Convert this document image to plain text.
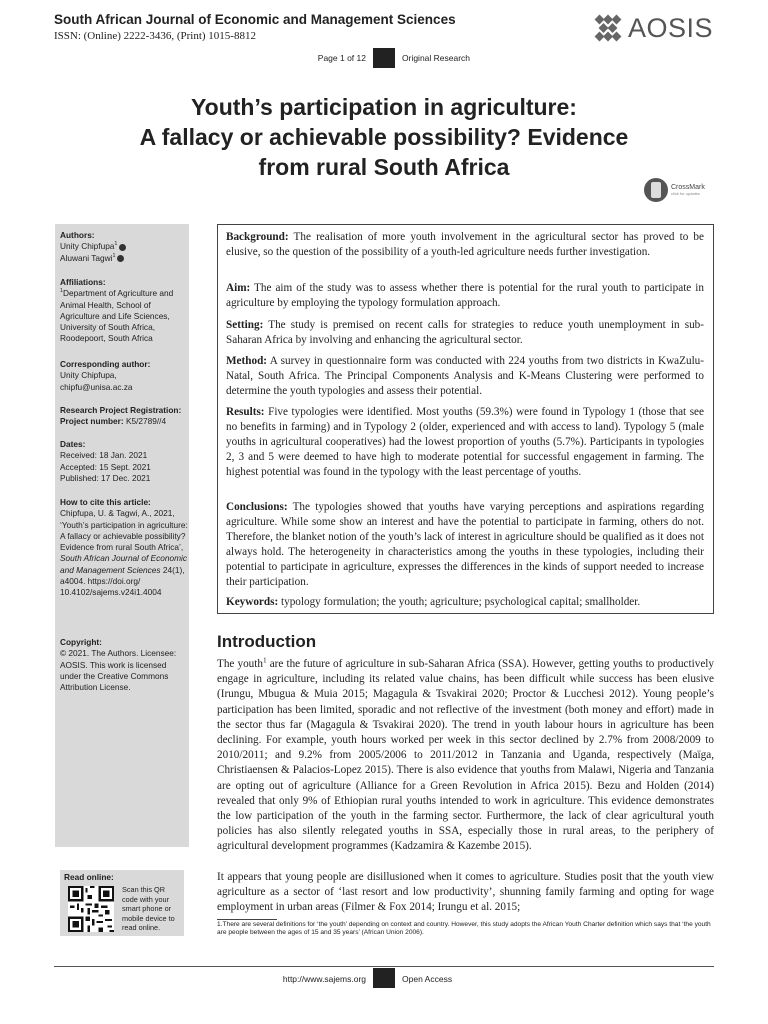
South African Journal of Economic and Management Sciences
ISSN: (Online) 2222-3436, (Print) 1015-8812	AOSIS
Page 1 of 12	Original Research
Youth’s participation in agriculture:
A fallacy or achievable possibility? Evidence
from rural South Africa
CrossMark
click for updates
Authors:
Unity Chipfupa$^1$
Aluwani Tagwi$^1$
Affiliations:
$^1$Department of Agriculture and Animal Health, School of Agriculture and Life Sciences, University of South Africa, Roodepoort, South Africa
Corresponding author:
Unity Chipfupa,
chipfu@unisa.ac.za
Research Project Registration:
Project number: K5/2789//4
Dates:
Received: 18 Jan. 2021
Accepted: 15 Sept. 2021
Published: 17 Dec. 2021
How to cite this article:
Chipfupa, U. & Tagwi, A., 2021, ‘Youth’s participation in agriculture: A fallacy or achievable possibility? Evidence from rural South Africa’, South African Journal of Economic and Management Sciences 24(1), a4004. https://doi.org/ 10.4102/sajems.v24i1.4004
Copyright:
© 2021. The Authors. Licensee: AOSIS. This work is licensed under the Creative Commons Attribution License.
Read online:
Scan this QR code with your smart phone or mobile device to read online.
Background: The realisation of more youth involvement in the agricultural sector has proved to be elusive, so the question of the possibility of a youth-led agriculture needs further investigation.
Aim: The aim of the study was to assess whether there is potential for the rural youth to participate in agriculture by employing the typology formulation approach.
Setting: The study is premised on recent calls for strategies to reduce youth unemployment in sub-Saharan Africa by involving and enhancing the agricultural sector.
Method: A survey in questionnaire form was conducted with 224 youths from two districts in KwaZulu-Natal, South Africa. The Principal Components Analysis and K-Means Clustering were performed to determine the youth typologies and assess their potential.
Results: Five typologies were identified. Most youths (59.3%) were found in Typology 1 (those that see no benefits in farming) and in Typology 2 (older, experienced and with access to land). Typology 5 (male youths in agricultural cooperatives) had the lowest proportion of youths (5.7%). Participants in typologies 2, 3 and 5 were deemed to have high to moderate potential for successful engagement in farming. The highest potential was found in the typology with the least percentage of youths.
Conclusions: The typologies showed that youths have varying perceptions and aspirations regarding agriculture. While some show an interest and have the potential to participate in farming, others do not. Therefore, the blanket notion of the youth’s lack of interest in agriculture should be qualified as it does not always hold. The heterogeneity in characteristics among the youths in these typologies, including their potential to participate in agriculture, expresses the differences in the kinds of support needed to increase their participation.
Keywords: typology formulation; the youth; agriculture; psychological capital; smallholder.
Introduction
The youth$^1$ are the future of agriculture in sub-Saharan Africa (SSA). However, getting youths to productively engage in agriculture, including its related value chains, has been difficult while success has been elusive (Irungu, Mbugua & Muia 2015; Magagula & Tsvakirai 2020; Proctor & Lucchesi 2012). Young people’s participation has been limited, sporadic and not reflective of the investment (both money and effort) made in the sector thus far (Magagula & Tsvakirai 2020). The trend in youth labour hours in agriculture has been declining. For example, youth hours worked per week in this sector declined by 2.7% from 2008/2009 to 2010/2011; and 9.2% from 2005/2006 to 2011/2012 in Tanzania and Uganda, respectively (Maïga, Christiaensen & Palacios-Lopez 2015). There is also evidence that youths from Malawi, Nigeria and Tanzania are opting out of agriculture (Alliance for a Green Revolution in Africa 2015). Bezu and Holden (2014) revealed that only 9% of Ethiopian rural youths intended to work in agriculture. This evidence demonstrates the low participation of the youth in the farming sector. Furthermore, the lack of clear agricultural youth policies has also silently relegated youths in SSA, especially those in rural areas, to the periphery of agricultural development programmes (Kadzamira & Kazembe 2015).
It appears that young people are disillusioned when it comes to agriculture. Studies posit that the youth view agriculture as a sector of ‘last resort and low productivity’, shunning family farming and opting for wage employment in urban areas (Filmer & Fox 2014; Irungu et al. 2015;
1.There are several definitions for ‘the youth’ depending on context and country. However, this study adopts the African Youth Charter definition which says that ‘the youth are people between the ages of 15 and 35 years’ (African Union 2006).
http://www.sajems.org	Open Access
